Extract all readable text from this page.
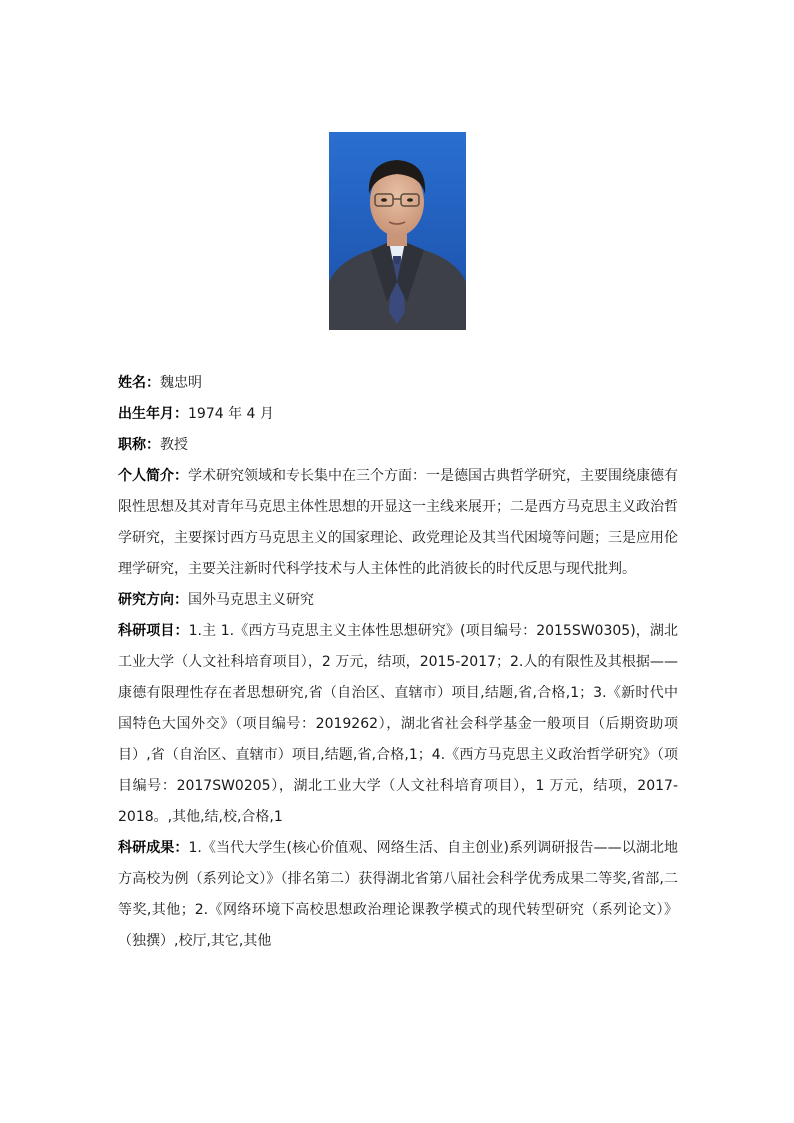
姓名：魏忠明

出生年月：1974 年 4 月

职称：教授

个人简介：学术研究领域和专长集中在三个方面：一是德国古典哲学研究，主要围绕康德有限性思想及其对青年马克思主体性思想的开显这一主线来展开；二是西方马克思主义政治哲学研究，主要探讨西方马克思主义的国家理论、政党理论及其当代困境等问题；三是应用伦理学研究，主要关注新时代科学技术与人主体性的此消彼长的时代反思与现代批判。

研究方向：国外马克思主义研究

科研项目：1.主 1.《西方马克思主义主体性思想研究》(项目编号：2015SW0305)，湖北工业大学（人文社科培育项目），2 万元，结项，2015-2017；2.人的有限性及其根据——康德有限理性存在者思想研究,省（自治区、直辖市）项目,结题,省,合格,1；3.《新时代中国特色大国外交》（项目编号：2019262），湖北省社会科学基金一般项目（后期资助项目）,省（自治区、直辖市）项目,结题,省,合格,1；4.《西方马克思主义政治哲学研究》（项目编号：2017SW0205），湖北工业大学（人文社科培育项目），1 万元，结项，2017-2018。,其他,结,校,合格,1

科研成果：1.《当代大学生(核心价值观、网络生活、自主创业)系列调研报告——以湖北地方高校为例（系列论文）》（排名第二）获得湖北省第八届社会科学优秀成果二等奖,省部,二等奖,其他；2.《网络环境下高校思想政治理论课教学模式的现代转型研究（系列论文）》（独撰）,校厅,其它,其他
